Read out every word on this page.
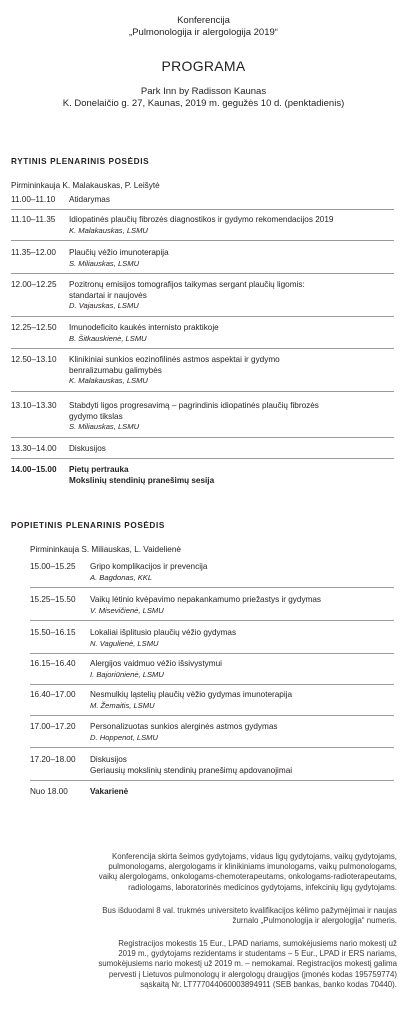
Konferencija
„Pulmonologija ir alergologija 2019“
PROGRAMA
Park Inn by Radisson Kaunas
K. Donelaičio g. 27, Kaunas, 2019 m. gegužės 10 d. (penktadienis)
RYTINIS PLENARINIS POSĖDIS
Pirmininkauja K. Malakauskas, P. Leišytė
11.00–11.10	Atidarymas
11.10–11.35	Idiopatinės plaučių fibrozės diagnostikos ir gydymo rekomendacijos 2019
K. Malakauskas, LSMU
11.35–12.00	Plaučių vėžio imunoterapija
S. Miliauskas, LSMU
12.00–12.25	Pozitronų emisijos tomografijos taikymas sergant plaučių ligomis:
standartai ir naujovės
D. Vajauskas, LSMU
12.25–12.50	Imunodeficito kaukės internisto praktikoje
B. Šitkauskienė, LSMU
12.50–13.10	Klinikiniai sunkios eozinofilinės astmos aspektai ir gydymo
benralizumabu galimybės
K. Malakauskas, LSMU
13.10–13.30	Stabdyti ligos progresavimą – pagrindinis idiopatinės plaučių fibrozės
gydymo tikslas
S. Miliauskas, LSMU
13.30–14.00	Diskusijos
14.00–15.00	Pietų pertrauka
Mokslinių stendinių pranešimų sesija
POPIETINIS PLENARINIS POSĖDIS
Pirmininkauja S. Miliauskas, L. Vaidelienė
15.00–15.25	Gripo komplikacijos ir prevencija
A. Bagdonas, KKL
15.25–15.50	Vaikų lėtinio kvėpavimo nepakankamumo priežastys ir gydymas
V. Misevičienė, LSMU
15.50–16.15	Lokaliai išplitusio plaučių vėžio gydymas
N. Vagulienė, LSMU
16.15–16.40	Alergijos vaidmuo vėžio išsivystymui
I. Bajoriūnienė, LSMU
16.40–17.00	Nesmulkių ląstelių plaučių vėžio gydymas imunoterapija
M. Žemaitis, LSMU
17.00–17.20	Personalizuotas sunkios alerginės astmos gydymas
D. Hoppenot, LSMU
17.20–18.00	Diskusijos
Geriausių mokslinių stendinių pranešimų apdovanojimai
Nuo 18.00	Vakarienė
Konferencija skirta šeimos gydytojams, vidaus ligų gydytojams, vaikų gydytojams,
pulmonologams, alergologams ir klinikiniams imunologams, vaikų pulmonologams,
vaikų alergologams, onkologams-chemoterapeutams, onkologams-radioterapeutams,
radiologams, laboratorinės medicinos gydytojams, infekcinių ligų gydytojams.
Bus išduodami 8 val. trukmės universiteto kvalifikacijos kėlimo pažymėjimai ir naujas
žurnalo „Pulmonologija ir alergologija“ numeris.
Registracijos mokestis 15 Eur., LPAD nariams, sumokėjusiems nario mokestį už
2019 m., gydytojams rezidentams ir studentams – 5 Eur., LPAD ir ERS nariams,
sumokėjusiems nario mokestį už 2019 m. – nemokamai. Registracijos mokestį galima
pervesti į Lietuvos pulmonologų ir alergologų draugijos (įmonės kodas 195759774)
sąskaitą Nr. LT777044060003894911 (SEB bankas, banko kodas 70440).
